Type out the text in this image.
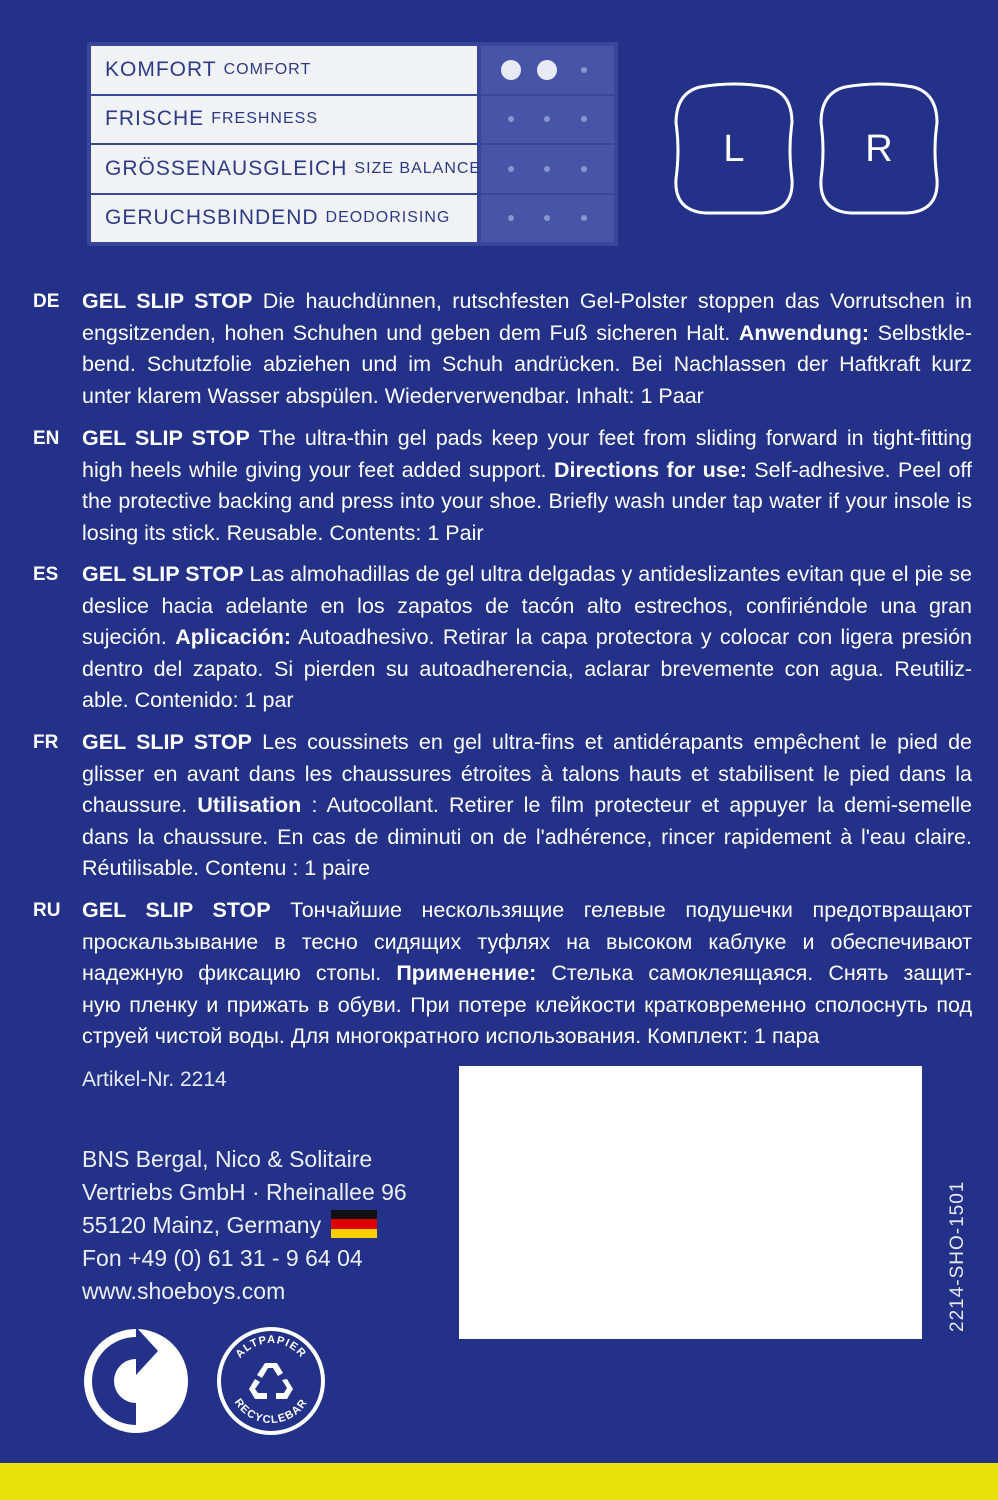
KOMFORT COMFORT
FRISCHE FRESHNESS
GRÖSSENAUSGLEICH SIZE BALANCE
GERUCHSBINDEND DEODORISING
L	R
DE	GEL SLIP STOP Die hauchdünnen, rutschfesten Gel-Polster stoppen das Vorrutschen in
engsitzenden, hohen Schuhen und geben dem Fuß sicheren Halt. Anwendung: Selbstkle-
bend. Schutzfolie abziehen und im Schuh andrücken. Bei Nachlassen der Haftkraft kurz
unter klarem Wasser abspülen. Wiederverwendbar. Inhalt: 1 Paar
EN	GEL SLIP STOP The ultra-thin gel pads keep your feet from sliding forward in tight-fitting
high heels while giving your feet added support. Directions for use: Self-adhesive. Peel off
the protective backing and press into your shoe. Briefly wash under tap water if your insole is
losing its stick. Reusable. Contents: 1 Pair
ES	GEL SLIP STOP Las almohadillas de gel ultra delgadas y antideslizantes evitan que el pie se
deslice hacia adelante en los zapatos de tacón alto estrechos, confiriéndole una gran
sujeción. Aplicación: Autoadhesivo. Retirar la capa protectora y colocar con ligera presión
dentro del zapato. Si pierden su autoadherencia, aclarar brevemente con agua. Reutiliz-
able. Contenido: 1 par
FR	GEL SLIP STOP Les coussinets en gel ultra-fins et antidérapants empêchent le pied de
glisser en avant dans les chaussures étroites à talons hauts et stabilisent le pied dans la
chaussure. Utilisation : Autocollant. Retirer le film protecteur et appuyer la demi-semelle
dans la chaussure. En cas de diminuti on de l'adhérence, rincer rapidement à l'eau claire.
Réutilisable. Contenu : 1 paire
RU	GEL SLIP STOP Тончайшие нескользящие гелевые подушечки предотвращают
проскальзывание в тесно сидящих туфлях на высоком каблуке и обеспечивают
надежную фиксацию стопы. Применение: Стелька самоклеящаяся. Снять защит-
ную пленку и прижать в обуви. При потере клейкости кратковременно сполоснуть под
струей чистой воды. Для многократного использования. Комплект: 1 пара
Artikel-Nr. 2214
BNS Bergal, Nico & Solitaire
Vertriebs GmbH · Rheinallee 96
55120 Mainz, Germany
Fon +49 (0) 61 31 - 9 64 04
www.shoeboys.com	2214-SHO-1501
ALTPAPIER
RECYCLEBAR
